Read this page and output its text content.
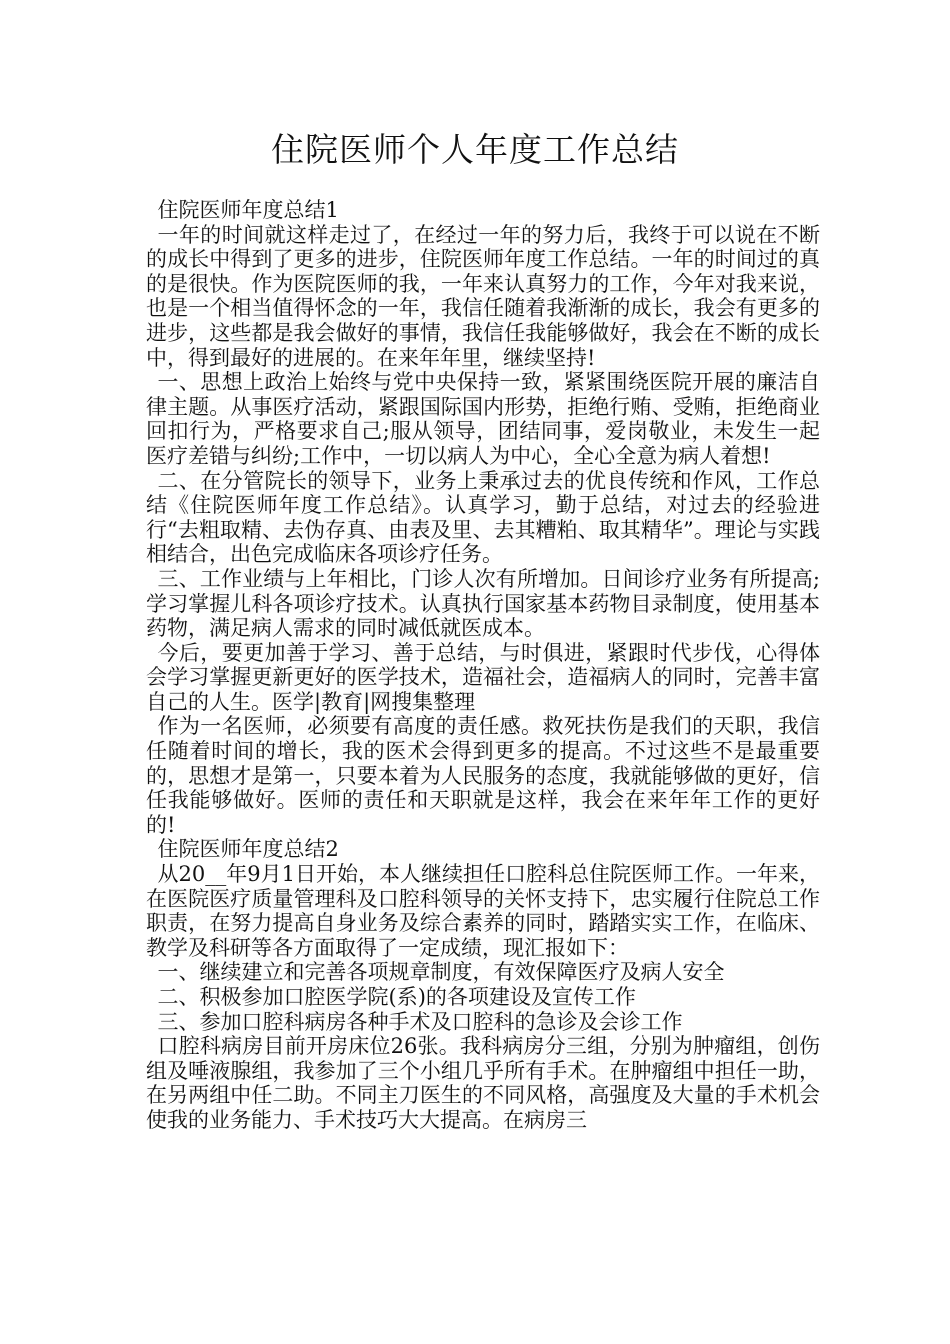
住院医师个人年度工作总结

住院医师年度总结1

一年的时间就这样走过了，在经过一年的努力后，我终于可以说在不断的成长中得到了更多的进步，住院医师年度工作总结。一年的时间过的真的是很快。作为医院医师的我，一年来认真努力的工作，今年对我来说，也是一个相当值得怀念的一年，我信任随着我渐渐的成长，我会有更多的进步，这些都是我会做好的事情，我信任我能够做好，我会在不断的成长中，得到最好的进展的。在来年年里，继续坚持!

一、思想上政治上始终与党中央保持一致，紧紧围绕医院开展的廉洁自律主题。从事医疗活动，紧跟国际国内形势，拒绝行贿、受贿，拒绝商业回扣行为，严格要求自己;服从领导，团结同事，爱岗敬业，未发生一起医疗差错与纠纷;工作中，一切以病人为中心，全心全意为病人着想!

二、在分管院长的领导下，业务上秉承过去的优良传统和作风，工作总结《住院医师年度工作总结》。认真学习，勤于总结，对过去的经验进行“去粗取精、去伪存真、由表及里、去其糟粕、取其精华”。理论与实践相结合，出色完成临床各项诊疗任务。

三、工作业绩与上年相比，门诊人次有所增加。日间诊疗业务有所提高;学习掌握儿科各项诊疗技术。认真执行国家基本药物目录制度，使用基本药物，满足病人需求的同时减低就医成本。

今后，要更加善于学习、善于总结，与时俱进，紧跟时代步伐，心得体会学习掌握更新更好的医学技术，造福社会，造福病人的同时，完善丰富自己的人生。医学|教育|网搜集整理

作为一名医师，必须要有高度的责任感。救死扶伤是我们的天职，我信任随着时间的增长，我的医术会得到更多的提高。不过这些不是最重要的，思想才是第一，只要本着为人民服务的态度，我就能够做的更好，信任我能够做好。医师的责任和天职就是这样，我会在来年年工作的更好的!

住院医师年度总结2

从20__年9月1日开始，本人继续担任口腔科总住院医师工作。一年来，在医院医疗质量管理科及口腔科领导的关怀支持下，忠实履行住院总工作职责，在努力提高自身业务及综合素养的同时，踏踏实实工作，在临床、教学及科研等各方面取得了一定成绩，现汇报如下：

一、继续建立和完善各项规章制度，有效保障医疗及病人安全

二、积极参加口腔医学院(系)的各项建设及宣传工作

三、参加口腔科病房各种手术及口腔科的急诊及会诊工作

口腔科病房目前开房床位26张。我科病房分三组，分别为肿瘤组，创伤组及唾液腺组，我参加了三个小组几乎所有手术。在肿瘤组中担任一助，在另两组中任二助。不同主刀医生的不同风格，高强度及大量的手术机会使我的业务能力、手术技巧大大提高。在病房三
